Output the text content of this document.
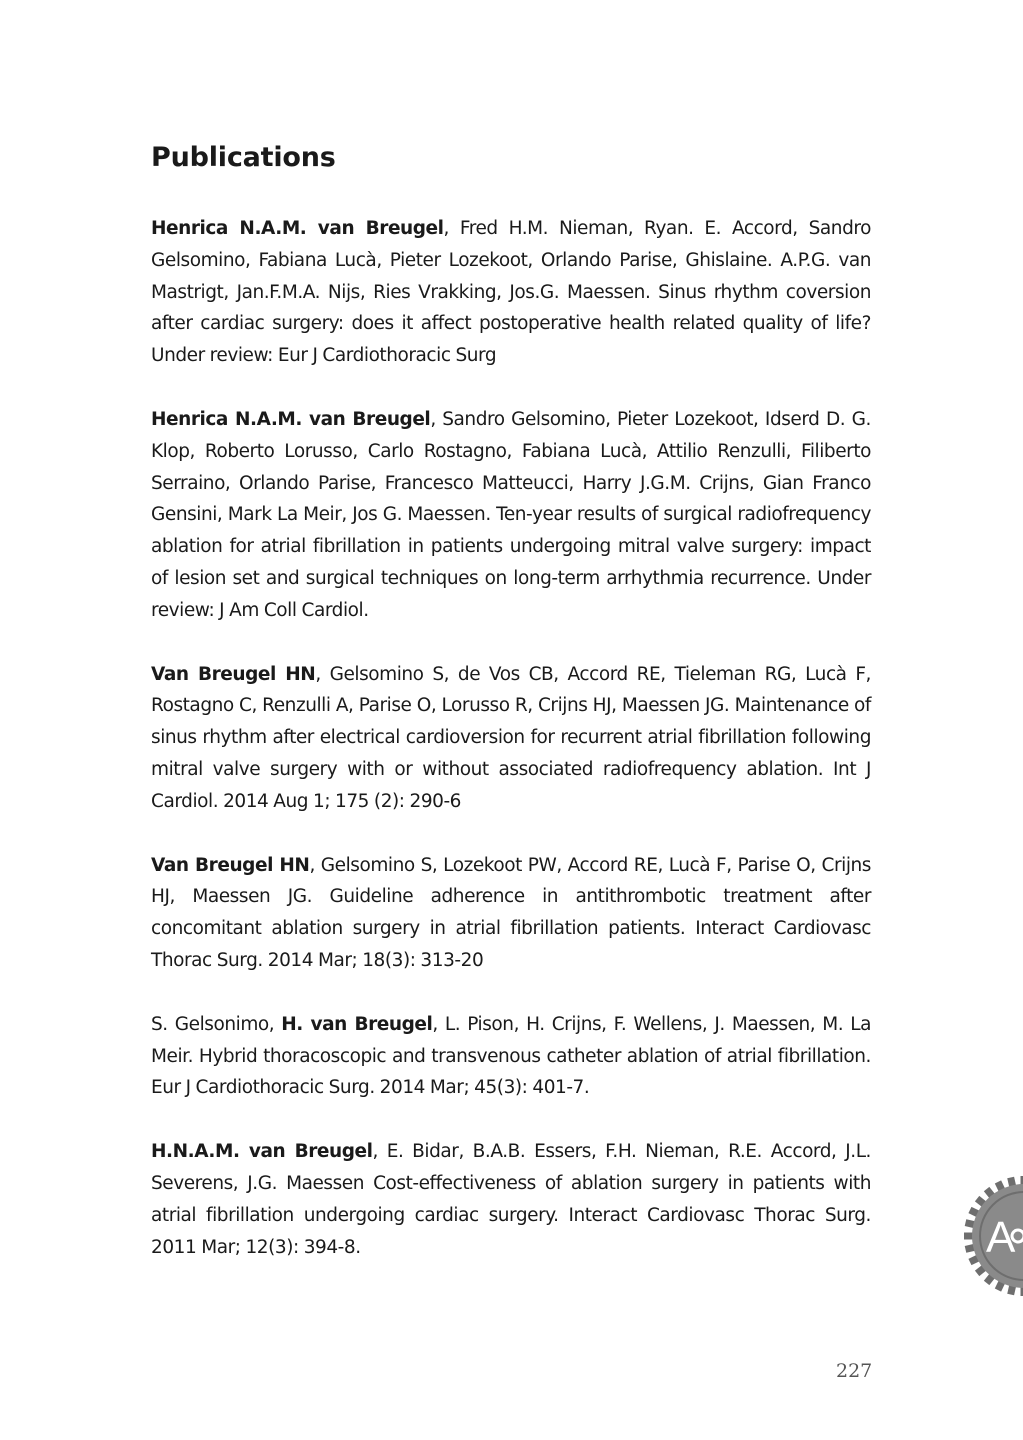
Publications

Henrica N.A.M. van Breugel, Fred H.M. Nieman, Ryan. E. Accord, Sandro Gelsomino, Fabiana Lucà, Pieter Lozekoot, Orlando Parise, Ghislaine. A.P.G. van Mastrigt, Jan.F.M.A. Nijs, Ries Vrakking, Jos.G. Maessen. Sinus rhythm coversion after cardiac surgery: does it affect postoperative health related quality of life? Under review: Eur J Cardiothoracic Surg

Henrica N.A.M. van Breugel, Sandro Gelsomino, Pieter Lozekoot, Idserd D. G. Klop, Roberto Lorusso, Carlo Rostagno, Fabiana Lucà, Attilio Renzulli, Filiberto Serraino, Orlando Parise, Francesco Matteucci, Harry J.G.M. Crijns, Gian Franco Gensini, Mark La Meir, Jos G. Maessen. Ten-year results of surgical radiofrequency ablation for atrial fibrillation in patients undergoing mitral valve surgery: impact of lesion set and surgical techniques on long-term arrhythmia recurrence. Under review: J Am Coll Cardiol.

Van Breugel HN, Gelsomino S, de Vos CB, Accord RE, Tieleman RG, Lucà F, Rostagno C, Renzulli A, Parise O, Lorusso R, Crijns HJ, Maessen JG. Maintenance of sinus rhythm after electrical cardioversion for recurrent atrial fibrillation following mitral valve surgery with or without associated radiofrequency ablation. Int J Cardiol. 2014 Aug 1; 175 (2): 290-6

Van Breugel HN, Gelsomino S, Lozekoot PW, Accord RE, Lucà F, Parise O, Crijns HJ, Maessen JG. Guideline adherence in antithrombotic treatment after concomitant ablation surgery in atrial fibrillation patients. Interact Cardiovasc Thorac Surg. 2014 Mar; 18(3): 313-20

S. Gelsonimo, H. van Breugel, L. Pison, H. Crijns, F. Wellens, J. Maessen, M. La Meir. Hybrid thoracoscopic and transvenous catheter ablation of atrial fibrillation. Eur J Cardiothoracic Surg. 2014 Mar; 45(3): 401-7.

H.N.A.M. van Breugel, E. Bidar, B.A.B. Essers, F.H. Nieman, R.E. Accord, J.L. Severens, J.G. Maessen Cost-effectiveness of ablation surgery in patients with atrial fibrillation undergoing cardiac surgery. Interact Cardiovasc Thorac Surg. 2011 Mar; 12(3): 394-8.	A
227
